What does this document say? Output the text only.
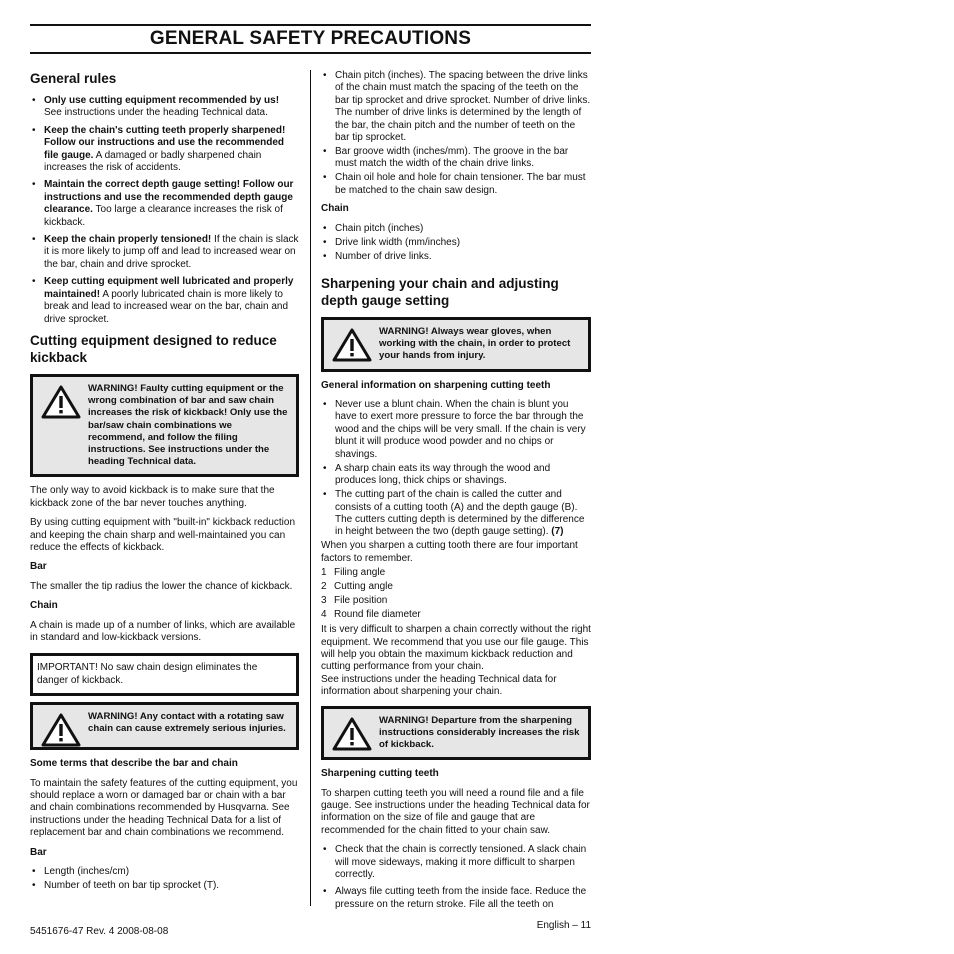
GENERAL SAFETY PRECAUTIONS
General rules
• Only use cutting equipment recommended by us! See instructions under the heading Technical data.
• Keep the chain's cutting teeth properly sharpened! Follow our instructions and use the recommended file gauge. A damaged or badly sharpened chain increases the risk of accidents.
• Maintain the correct depth gauge setting! Follow our instructions and use the recommended depth gauge clearance. Too large a clearance increases the risk of kickback.
• Keep the chain properly tensioned! If the chain is slack it is more likely to jump off and lead to increased wear on the bar, chain and drive sprocket.
• Keep cutting equipment well lubricated and properly maintained! A poorly lubricated chain is more likely to break and lead to increased wear on the bar, chain and drive sprocket.
Cutting equipment designed to reduce kickback
WARNING! Faulty cutting equipment or the wrong combination of bar and saw chain increases the risk of kickback! Only use the bar/saw chain combinations we recommend, and follow the filing instructions. See instructions under the heading Technical data.

The only way to avoid kickback is to make sure that the kickback zone of the bar never touches anything.

By using cutting equipment with "built-in" kickback reduction and keeping the chain sharp and well-maintained you can reduce the effects of kickback.

Bar

The smaller the tip radius the lower the chance of kickback.

Chain

A chain is made up of a number of links, which are available in standard and low-kickback versions.

IMPORTANT! No saw chain design eliminates the danger of kickback.

WARNING! Any contact with a rotating saw chain can cause extremely serious injuries.
Some terms that describe the bar and chain

To maintain the safety features of the cutting equipment, you should replace a worn or damaged bar or chain with a bar and chain combinations recommended by Husqvarna. See instructions under the heading Technical Data for a list of replacement bar and chain combinations we recommend.

Bar
• Length (inches/cm)
• Number of teeth on bar tip sprocket (T).
• Chain pitch (inches). The spacing between the drive links of the chain must match the spacing of the teeth on the bar tip sprocket and drive sprocket. Number of drive links. The number of drive links is determined by the length of the bar, the chain pitch and the number of teeth on the bar tip sprocket.
• Bar groove width (inches/mm). The groove in the bar must match the width of the chain drive links.
• Chain oil hole and hole for chain tensioner. The bar must be matched to the chain saw design.
Chain
• Chain pitch (inches)
• Drive link width (mm/inches)
• Number of drive links.
Sharpening your chain and adjusting depth gauge setting
WARNING! Always wear gloves, when working with the chain, in order to protect your hands from injury.
General information on sharpening cutting teeth
• Never use a blunt chain. When the chain is blunt you have to exert more pressure to force the bar through the wood and the chips will be very small. If the chain is very blunt it will produce wood powder and no chips or shavings.
• A sharp chain eats its way through the wood and produces long, thick chips or shavings.
• The cutting part of the chain is called the cutter and consists of a cutting tooth (A) and the depth gauge (B). The cutters cutting depth is determined by the difference in height between the two (depth gauge setting). (7)

When you sharpen a cutting tooth there are four important factors to remember.

1 Filing angle
2 Cutting angle
3 File position
4 Round file diameter

It is very difficult to sharpen a chain correctly without the right equipment. We recommend that you use our file gauge. This will help you obtain the maximum kickback reduction and cutting performance from your chain.

See instructions under the heading Technical data for information about sharpening your chain.

WARNING! Departure from the sharpening instructions considerably increases the risk of kickback.
Sharpening cutting teeth

To sharpen cutting teeth you will need a round file and a file gauge. See instructions under the heading Technical data for information on the size of file and gauge that are recommended for the chain fitted to your chain saw.

• Check that the chain is correctly tensioned. A slack chain will move sideways, making it more difficult to sharpen correctly.
• Always file cutting teeth from the inside face. Reduce the pressure on the return stroke. File all the teeth on
5451676-47 Rev. 4 2008-08-08
English – 11
